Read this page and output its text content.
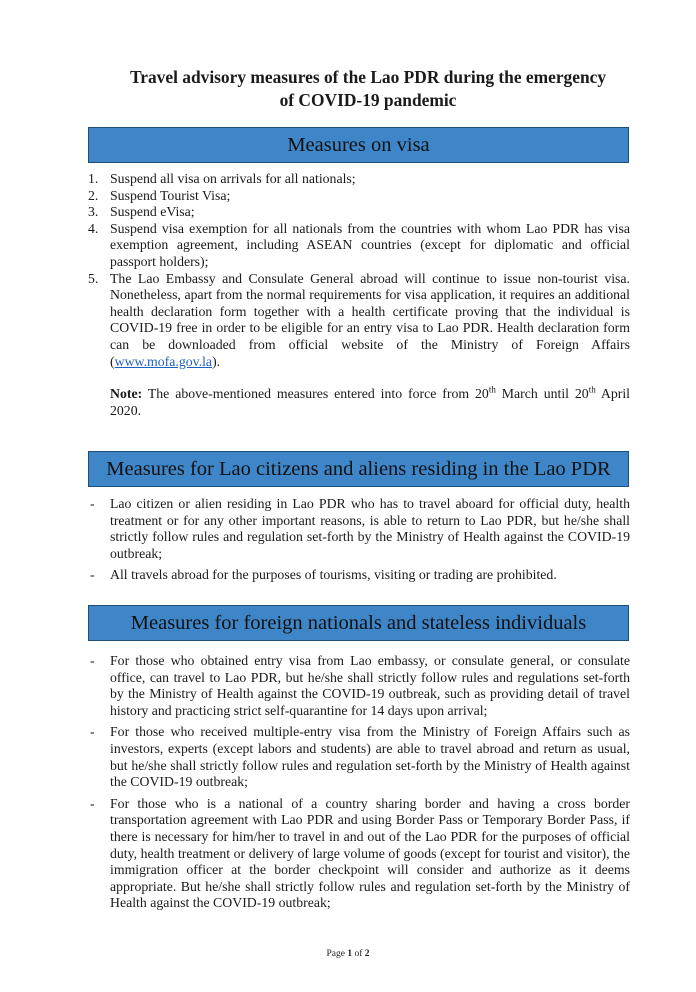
Travel advisory measures of the Lao PDR during the emergency
of COVID-19 pandemic
Measures on visa
1. Suspend all visa on arrivals for all nationals;
2. Suspend Tourist Visa;
3. Suspend eVisa;
4. Suspend visa exemption for all nationals from the countries with whom Lao PDR has visa exemption agreement, including ASEAN countries (except for diplomatic and official passport holders);
5. The Lao Embassy and Consulate General abroad will continue to issue non-tourist visa. Nonetheless, apart from the normal requirements for visa application, it requires an additional health declaration form together with a health certificate proving that the individual is COVID-19 free in order to be eligible for an entry visa to Lao PDR. Health declaration form can be downloaded from official website of the Ministry of Foreign Affairs (www.mofa.gov.la).
Note: The above-mentioned measures entered into force from 20th March until 20th April 2020.
Measures for Lao citizens and aliens residing in the Lao PDR
- Lao citizen or alien residing in Lao PDR who has to travel aboard for official duty, health treatment or for any other important reasons, is able to return to Lao PDR, but he/she shall strictly follow rules and regulation set-forth by the Ministry of Health against the COVID-19 outbreak;
- All travels abroad for the purposes of tourisms, visiting or trading are prohibited.
Measures for foreign nationals and stateless individuals
- For those who obtained entry visa from Lao embassy, or consulate general, or consulate office, can travel to Lao PDR, but he/she shall strictly follow rules and regulations set-forth by the Ministry of Health against the COVID-19 outbreak, such as providing detail of travel history and practicing strict self-quarantine for 14 days upon arrival;
- For those who received multiple-entry visa from the Ministry of Foreign Affairs such as investors, experts (except labors and students) are able to travel abroad and return as usual, but he/she shall strictly follow rules and regulation set-forth by the Ministry of Health against the COVID-19 outbreak;
- For those who is a national of a country sharing border and having a cross border transportation agreement with Lao PDR and using Border Pass or Temporary Border Pass, if there is necessary for him/her to travel in and out of the Lao PDR for the purposes of official duty, health treatment or delivery of large volume of goods (except for tourist and visitor), the immigration officer at the border checkpoint will consider and authorize as it deems appropriate. But he/she shall strictly follow rules and regulation set-forth by the Ministry of Health against the COVID-19 outbreak;
Page 1 of 2
